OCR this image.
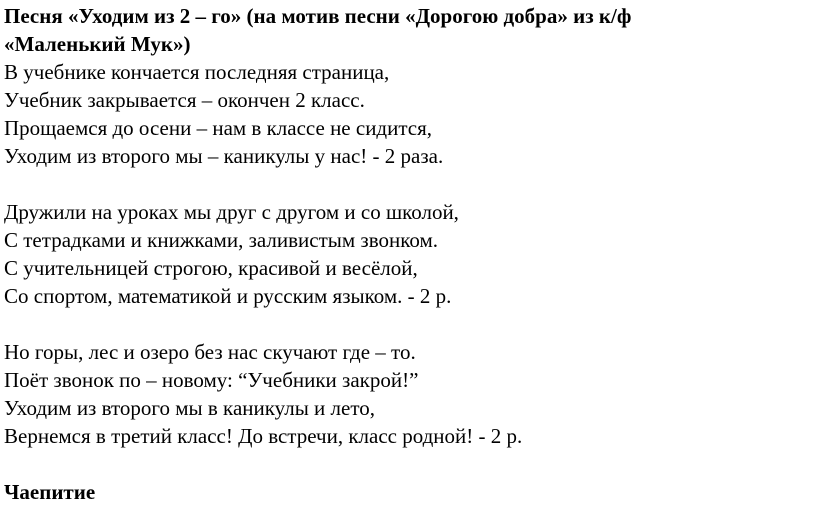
Песня «Уходим из 2 – го» (на мотив песни «Дорогою добра» из к/ф
«Маленький Мук»)
В учебнике кончается последняя страница,
Учебник закрывается – окончен 2 класс.
Прощаемся до осени – нам в классе не сидится,
Уходим из второго мы – каникулы у нас! - 2 раза.
Дружили на уроках мы друг с другом и со школой,
С тетрадками и книжками, заливистым звонком.
С учительницей строгою, красивой и весёлой,
Со спортом, математикой и русским языком. - 2 р.
Но горы, лес и озеро без нас скучают где – то.
Поёт звонок по – новому: “Учебники закрой!”
Уходим из второго мы в каникулы и лето,
Вернемся в третий класс! До встречи, класс родной! - 2 р.
Чаепитие
